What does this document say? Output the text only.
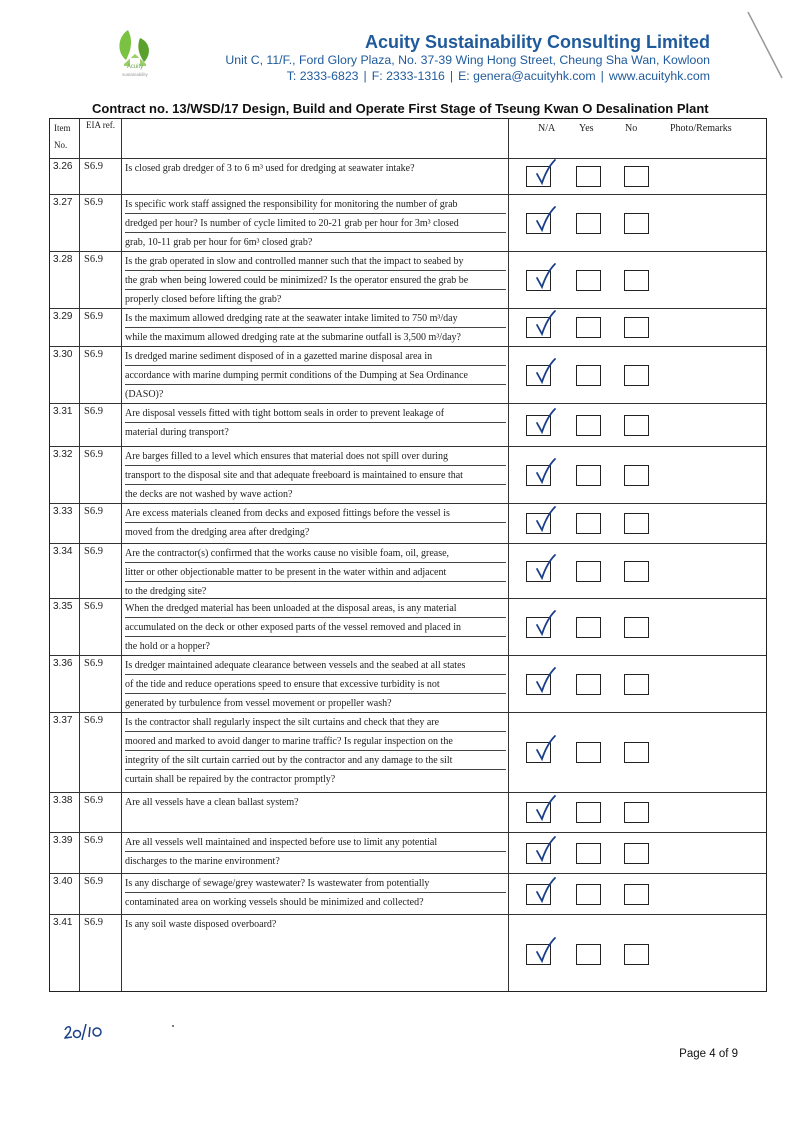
Acuity
sustainability
Acuity Sustainability Consulting Limited
Unit C, 11/F., Ford Glory Plaza, No. 37-39 Wing Hong Street, Cheung Sha Wan, Kowloon
T: 2333-6823 | F: 2333-1316 | E: genera@acuityhk.com | www.acuityhk.com
Contract no. 13/WSD/17 Design, Build and Operate First Stage of Tseung Kwan O Desalination Plant
Item No.
EIA ref.	N/A Yes	No	Photo/Remarks
3.26 S6.9 Is closed grab dredger of 3 to 6 m³ used for dredging at seawater intake?
3.27 S6.9 Is specific work staff assigned the responsibility for monitoring the number of grab
dredged per hour? Is number of cycle limited to 20-21 grab per hour for 3m³ closed
grab, 10-11 grab per hour for 6m³ closed grab?
3.28 S6.9 Is the grab operated in slow and controlled manner such that the impact to seabed by
the grab when being lowered could be minimized? Is the operator ensured the grab be
properly closed before lifting the grab?
3.29 S6.9 Is the maximum allowed dredging rate at the seawater intake limited to 750 m³/day
while the maximum allowed dredging rate at the submarine outfall is 3,500 m³/day?
3.30 S6.9 Is dredged marine sediment disposed of in a gazetted marine disposal area in
accordance with marine dumping permit conditions of the Dumping at Sea Ordinance
(DASO)?
3.31 S6.9 Are disposal vessels fitted with tight bottom seals in order to prevent leakage of
material during transport?
3.32 S6.9 Are barges filled to a level which ensures that material does not spill over during
transport to the disposal site and that adequate freeboard is maintained to ensure that
the decks are not washed by wave action?
3.33 S6.9 Are excess materials cleaned from decks and exposed fittings before the vessel is
moved from the dredging area after dredging?
3.34 S6.9 Are the contractor(s) confirmed that the works cause no visible foam, oil, grease,
litter or other objectionable matter to be present in the water within and adjacent
to the dredging site?
3.35 S6.9 When the dredged material has been unloaded at the disposal areas, is any material
accumulated on the deck or other exposed parts of the vessel removed and placed in
the hold or a hopper?
3.36 S6.9 Is dredger maintained adequate clearance between vessels and the seabed at all states
of the tide and reduce operations speed to ensure that excessive turbidity is not
generated by turbulence from vessel movement or propeller wash?
3.37 S6.9 Is the contractor shall regularly inspect the silt curtains and check that they are
moored and marked to avoid danger to marine traffic? Is regular inspection on the
integrity of the silt curtain carried out by the contractor and any damage to the silt
curtain shall be repaired by the contractor promptly?
3.38 S6.9 Are all vessels have a clean ballast system?
3.39 S6.9 Are all vessels well maintained and inspected before use to limit any potential
discharges to the marine environment?
3.40 S6.9 Is any discharge of sewage/grey wastewater? Is wastewater from potentially
contaminated area on working vessels should be minimized and collected?
3.41 S6.9 Is any soil waste disposed overboard?
Page 4 of 9
